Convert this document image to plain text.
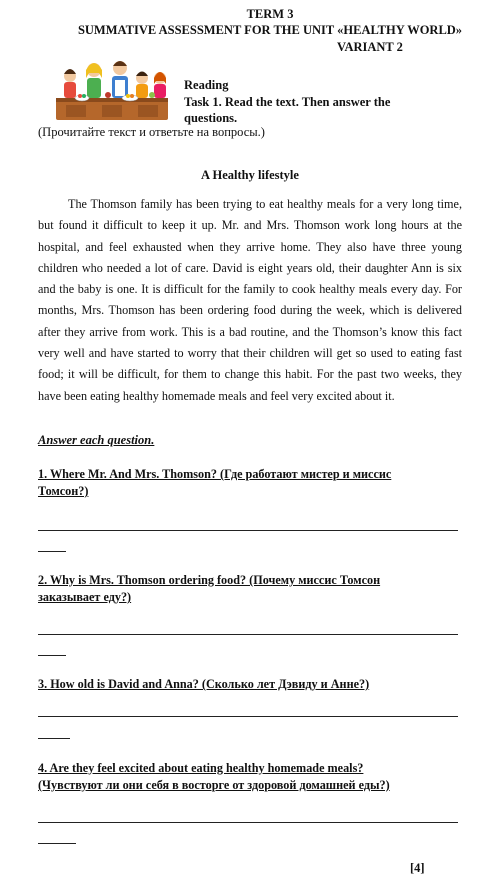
TERM 3
SUMMATIVE ASSESSMENT FOR THE UNIT «HEALTHY WORLD»
VARIANT 2
Reading
Task 1. Read the text. Then answer the
questions.
(Прочитайте текст и ответьте на вопросы.)
A Healthy lifestyle
The Thomson family has been trying to eat healthy meals for a very long time, but found it difficult to keep it up. Mr. and Mrs. Thomson work long hours at the hospital, and feel exhausted when they arrive home. They also have three young children who needed a lot of care. David is eight years old, their daughter Ann is six and the baby is one. It is difficult for the family to cook healthy meals every day. For months, Mrs. Thomson has been ordering food during the week, which is delivered after they arrive from work. This is a bad routine, and the Thomson’s know this fact very well and have started to worry that their children will get so used to eating fast food; it will be difficult, for them to change this habit. For the past two weeks, they have been eating healthy homemade meals and feel very excited about it.
Answer each question.
1. Where Mr. And Mrs. Thomson? (Где работают мистер и миссис
Томсон?)
2. Why is Mrs. Thomson ordering food? (Почему миссис Томсон
заказывает еду?)
3. How old is David and Anna? (Сколько лет Дэвиду и Анне?)
4. Are they feel excited about eating healthy homemade meals?
(Чувствуют ли они себя в восторге от здоровой домашней еды?)
[4]
